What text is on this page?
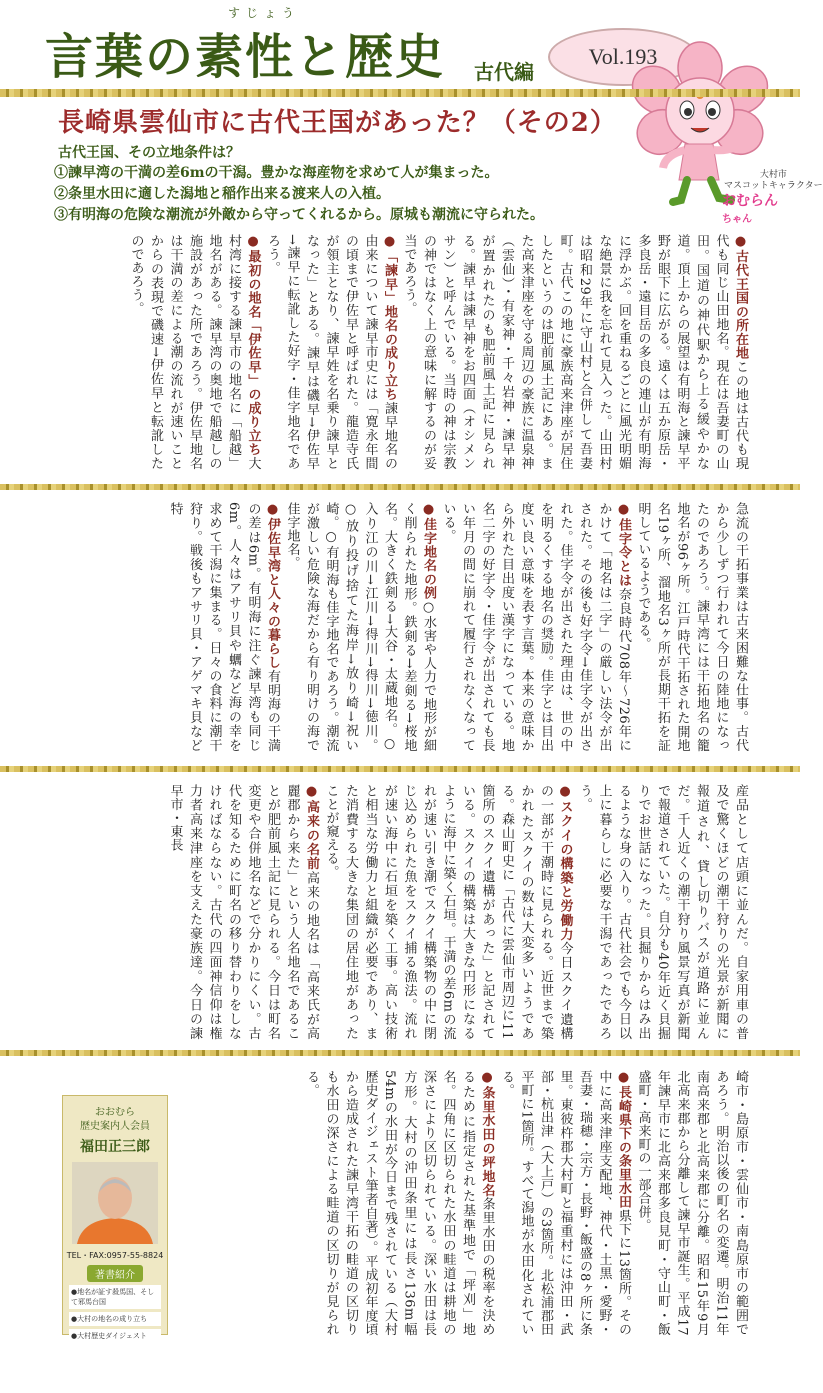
すじょう
言葉の素性と歴史 古代編
Vol.193
大村市
マスコットキャラクター
おむらん
ちゃん
長崎県雲仙市に古代王国があった？（その2）
古代王国、その立地条件は？
①諫早湾の干満の差6mの干潟。豊かな海産物を求めて人が集まった。
②条里水田に適した潟地と稲作出来る渡来人の入植。
③有明海の危険な潮流が外敵から守ってくれるから。原城も潮流に守られた。

●古代王国の所在地この地は古代も現代も同じ山田地名。現在は吾妻町の山田。国道の神代駅から上る緩やかな道。頂上からの展望は有明海と諫早平野が眼下に広がる。遠くは五か原岳・多良岳・遠目岳の多良の連山が有明海に浮かぶ。回を重ねるごとに風光明媚な絶景に我を忘れて見入った。山田村は昭和29年に守山村と合併して吾妻町。古代この地に豪族高来津座が居住したというのは肥前風土記にある。また高来津座を守る周辺の豪族に温泉神（雲仙）・有家神・千々岩神・諫早神が置かれたのも肥前風土記に見られる。諫早は諫早神をお四面（オシメンサン）と呼んでいる。当時の神は宗教の神ではなく上の意味に解するのが妥当であろう。

●「諫早」地名の成り立ち諫早地名の由来について諫早市史には「寛永年間の頃まで伊佐早と呼ばれた。龍造寺氏が領主となり、諫早姓を名乗り諫早となった」とある。諫早は磯早→伊佐早→諫早に転訛した好字・佳字地名であろう。

●最初の地名「伊佐早」の成り立ち大村湾に接する諫早市の地名に「船越」地名がある。諫早湾の奥地で船越しの施設があった所であろう。伊佐早地名は干満の差による潮の流れが速いことからの表現で磯速→伊佐早と転訛したのであろう。

急流の干拓事業は古来困難な仕事。古代から少しずつ行われて今日の陸地になったのであろう。諫早湾には干拓地名の籠地名が96ヶ所。江戸時代干拓された開地名19ヶ所、溜地名3ヶ所が長期干拓を証明しているようである。

●佳字令とは奈良時代708年〜726年にかけて「地名は二字」の厳しい法令が出された。その後も好字令→佳字令が出された。佳字令が出された理由は、世の中を明るくする地名の奨励。佳字とは目出度い良い意味を表す言葉。本来の意味から外れた目出度い漢字になっている。地名二字の好字令・佳字令が出されても長い年月の間に崩れて履行されなくなっている。

●佳字地名の例○水害や人力で地形が細く削られた地形。鉄剣る→差剣る→桜地名。大きく鉄剣る→大谷・太蔵地名。○入り江の川→江川→得川→得川→徳川。○放り投げ捨てた海岸→放り崎→祝い崎。○有明海も佳字地名であろう。潮流が激しい危険な海だから有り明けの海で佳字地名。

●伊佐早湾と人々の暮らし有明海の干満の差は6m。有明海に注ぐ諫早湾も同じ6m。人々はアサリ貝や蠣など海の幸を求めて干潟に集まる。日々の食料に潮干狩り。戦後もアサリ貝・アゲマキ貝など特

産品として店頭に並んだ。自家用車の普及で驚くほどの潮干狩りの光景が新聞に報道され、貸し切りバスが道路に並んだ。千人近くの潮干狩り風景写真が新聞で報道されていた。自分も40年近く貝掘りでお世話になった。貝掘りからはみ出るような身の入り。古代社会でも今日以上に暮らしに必要な干潟であったであろう。

●スクイの構築と労働力今日スクイ遺構の一部が干潮時に見られる。近世まで築かれたスクイの数は大変多いようである。森山町史に「古代に雲仙市周辺に11箇所のスクイ遺構があった」と記されている。スクイの構築は大きな円形になるように海中に築く石垣。干満の差6mの流れが速い引き潮でスクイ構築物の中に閉じ込められた魚をスクイ捕る漁法。流れが速い海中に石垣を築く工事。高い技術と相当な労働力と組織が必要であり、また消費する大きな集団の居住地があったことが窺える。

●高来の名前高来の地名は「高来氏が高麗郡から来た」という人名地名であることが肥前風土記に見られる。今日は町名変更や合併地名などで分かりにくい。古代を知るために町名の移り替わりをしなければならない。古代の四面神信仰は権力者高来津座を支えた豪族達。今日の諫早市・東長

崎市・島原市・雲仙市・南島原市の範囲であろう。明治以後の町名の変遷。明治11年南高来郡と北高来郡に分離。昭和15年9月北高来郡から分離して諫早市誕生。平成17年諫早市に北高来郡多良見町・守山町・飯盛町・高来町の一部合併。

●長崎県下の条里水田県下に13箇所。その中に高来津座支配地、神代・土黒・愛野・吾妻・瑞穂・宗方・長野・飯盛の8ヶ所に条里。東彼杵郡大村町と福重村には沖田・武部・杭出津（大上戸）の3箇所。北松浦郡田平町に1箇所。すべて潟地が水田化されている。

●条里水田の坪地名条里水田の税率を決めるために指定された基準地で「坪刈」地名。四角に区切られた水田の畦道は耕地の深さにより区切られている。深い水田は長方形。大村の沖田条里には長さ136m幅54mの水田が今日まで残されている（大村歴史ダイジェスト筆者自著）。平成初年度頃から造成された諫早湾干拓の畦道の区切りも水田の深さによる畦道の区切りが見られる。

おおむら
歴史案内人会員
福田正三郎
TEL・FAX:0957-55-8824
著書紹介
●地名が証す殺馬国、そして邪馬台国
●大村の地名の成り立ち
●大村歴史ダイジェスト
